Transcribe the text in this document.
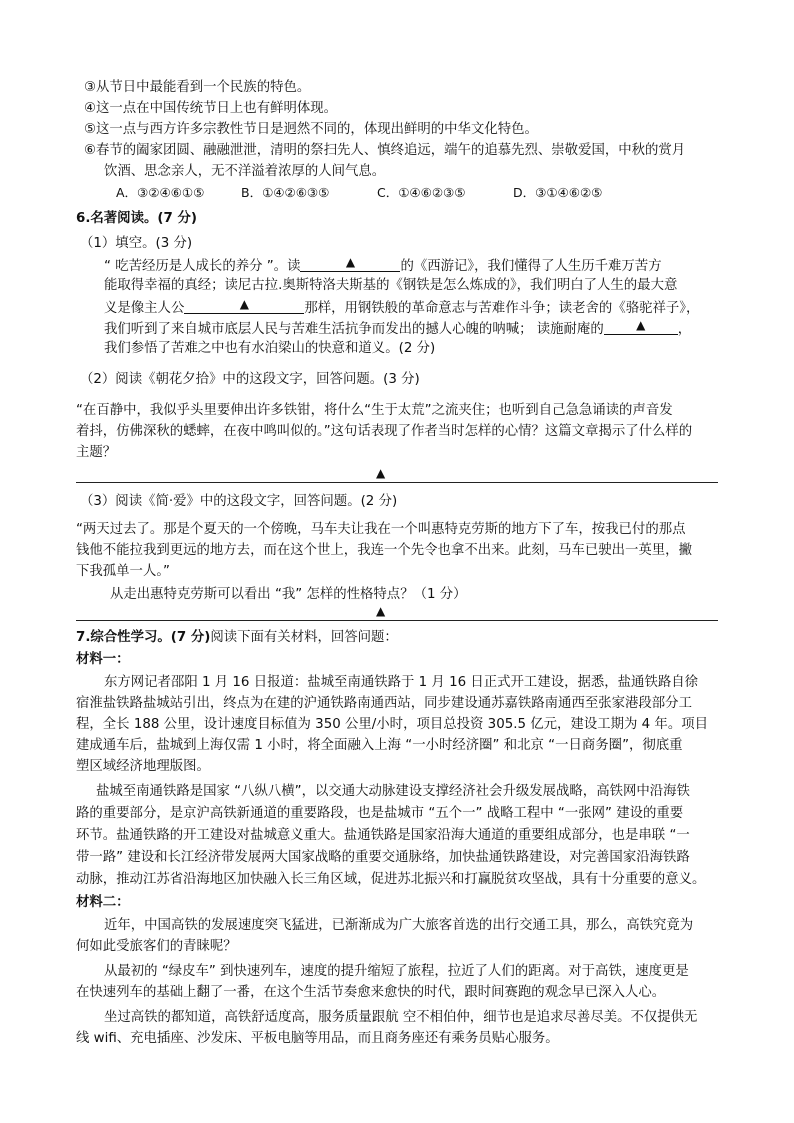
③从节日中最能看到一个民族的特色。
④这一点在中国传统节日上也有鲜明体现。
⑤这一点与西方许多宗教性节日是迥然不同的，体现出鲜明的中华文化特色。
⑥春节的阖家团圆、融融泄泄，清明的祭扫先人、慎终追远，端午的追慕先烈、崇敬爱国，中秋的赏月
饮酒、思念亲人，无不洋溢着浓厚的人间气息。
A．③②④⑥①⑤	B．①④②⑥③⑤	C．①④⑥②③⑤	D．③①④⑥②⑤
6.名著阅读。(7 分)
（1）填空。(3 分)
“ 吃苦经历是人成长的养分 ”。读	▲	的《西游记》，我们懂得了人生历千难万苦方
能取得幸福的真经；读尼古拉.奥斯特洛夫斯基的《钢铁是怎么炼成的》，我们明白了人生的最大意
义是像主人公	▲	那样，用钢铁般的革命意志与苦难作斗争；读老舍的《骆驼祥子》，
我们听到了来自城市底层人民与苦难生活抗争而发出的撼人心魄的呐喊； 读施耐庵的	▲ ，
我们参悟了苦难之中也有水泊梁山的快意和道义。(2 分)
（2）阅读《朝花夕拾》中的这段文字，回答问题。(3 分)
“在百静中，我似乎头里要伸出许多铁钳，将什么“生于太荒”之流夹住；也听到自己急急诵读的声音发
着抖，仿佛深秋的蟋蟀，在夜中鸣叫似的。”这句话表现了作者当时怎样的心情？这篇文章揭示了什么样的
主题？
▲
（3）阅读《简·爱》中的这段文字，回答问题。(2 分)
“两天过去了。那是个夏天的一个傍晚，马车夫让我在一个叫惠特克劳斯的地方下了车，按我已付的那点
钱他不能拉我到更远的地方去，而在这个世上，我连一个先令也拿不出来。此刻，马车已驶出一英里，撇
下我孤单一人。”
从走出惠特克劳斯可以看出 “我” 怎样的性格特点？（1 分）
▲
7.综合性学习。(7 分)阅读下面有关材料，回答问题：
材料一：
东方网记者邵阳 1 月 16 日报道：盐城至南通铁路于 1 月 16 日正式开工建设，据悉，盐通铁路自徐
宿淮盐铁路盐城站引出，终点为在建的沪通铁路南通西站，同步建设通苏嘉铁路南通西至张家港段部分工
程，全长 188 公里，设计速度目标值为 350 公里/小时，项目总投资 305.5 亿元，建设工期为 4 年。项目
建成通车后，盐城到上海仅需 1 小时，将全面融入上海 “一小时经济圈” 和北京 “一日商务圈”，彻底重
塑区域经济地理版图。
盐城至南通铁路是国家 “八纵八横”，以交通大动脉建设支撑经济社会升级发展战略，高铁网中沿海铁
路的重要部分，是京沪高铁新通道的重要路段，也是盐城市 “五个一” 战略工程中 “一张网” 建设的重要
环节。盐通铁路的开工建设对盐城意义重大。盐通铁路是国家沿海大通道的重要组成部分，也是串联 “一
带一路” 建设和长江经济带发展两大国家战略的重要交通脉络，加快盐通铁路建设，对完善国家沿海铁路
动脉，推动江苏省沿海地区加快融入长三角区域，促进苏北振兴和打赢脱贫攻坚战，具有十分重要的意义。
材料二：
近年，中国高铁的发展速度突飞猛进，已渐渐成为广大旅客首选的出行交通工具，那么，高铁究竟为
何如此受旅客们的青睐呢？
从最初的 “绿皮车” 到快速列车，速度的提升缩短了旅程，拉近了人们的距离。对于高铁，速度更是
在快速列车的基础上翻了一番，在这个生活节奏愈来愈快的时代，跟时间赛跑的观念早已深入人心。
坐过高铁的都知道，高铁舒适度高，服务质量跟航 空不相伯仲，细节也是追求尽善尽美。不仅提供无
线 wifi、充电插座、沙发床、平板电脑等用品，而且商务座还有乘务员贴心服务。
